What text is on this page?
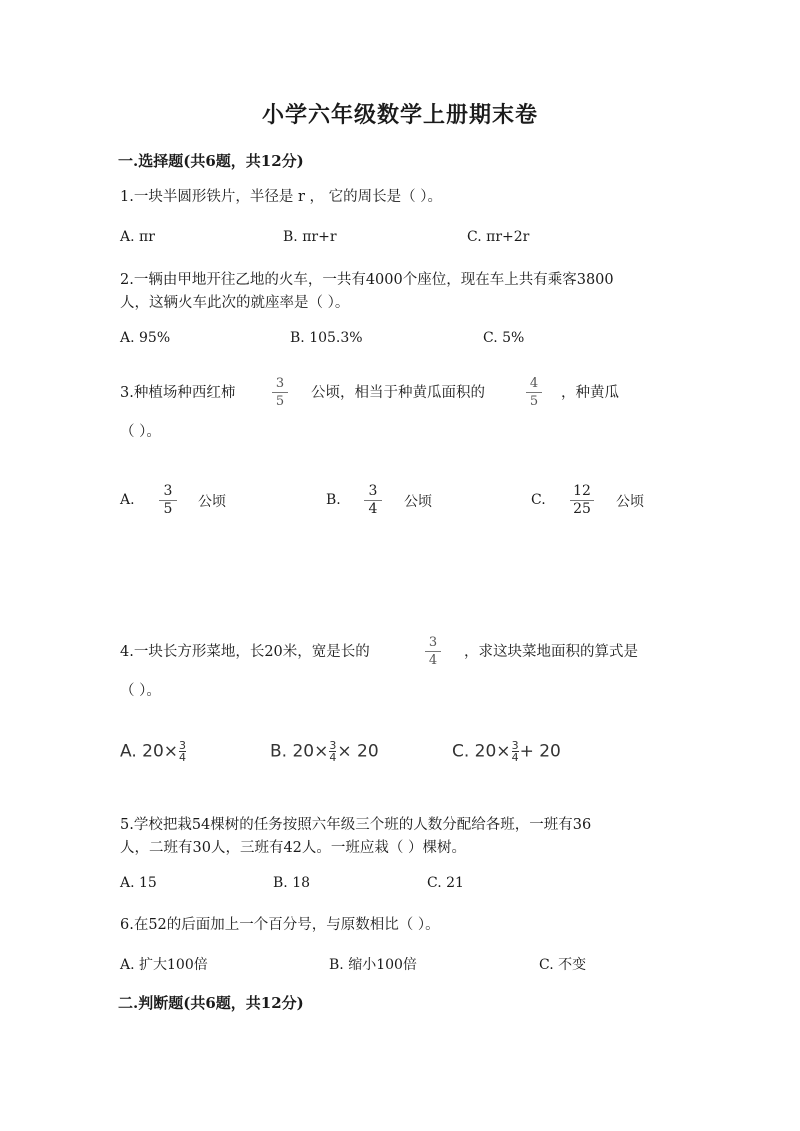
小学六年级数学上册期末卷
一.选择题(共6题，共12分)
1.一块半圆形铁片，半径是 r ， 它的周长是（ ）。
A. πr	B. πr+r	C. πr+2r
2.一辆由甲地开往乙地的火车，一共有4000个座位，现在车上共有乘客3800
人，这辆火车此次的就座率是（ ）。
A. 95%	B. 105.3%	C. 5%
3.种植场种西红柿
3
5
公顷，相当于种黄瓜面积的
4
5
，种黄瓜
（ ）。
A.
3
5	公顷	B.
3
4	公顷	C.
12
25 公顷
4.一块长方形菜地，长20米，宽是长的
3
4
，求这块菜地面积的算式是
（ ）。
A. $20\times \frac{3}{4}$	B. $20\times \frac{3}{4} \times 20$	C. $20\times \frac{3}{4} + 20$
5.学校把栽54棵树的任务按照六年级三个班的人数分配给各班，一班有36
人，二班有30人，三班有42人。一班应栽（ ）棵树。
A. 15	B. 18	C. 21
6.在52的后面加上一个百分号，与原数相比（ ）。
A. 扩大100倍	B. 缩小100倍	C. 不变
二.判断题(共6题，共12分)
